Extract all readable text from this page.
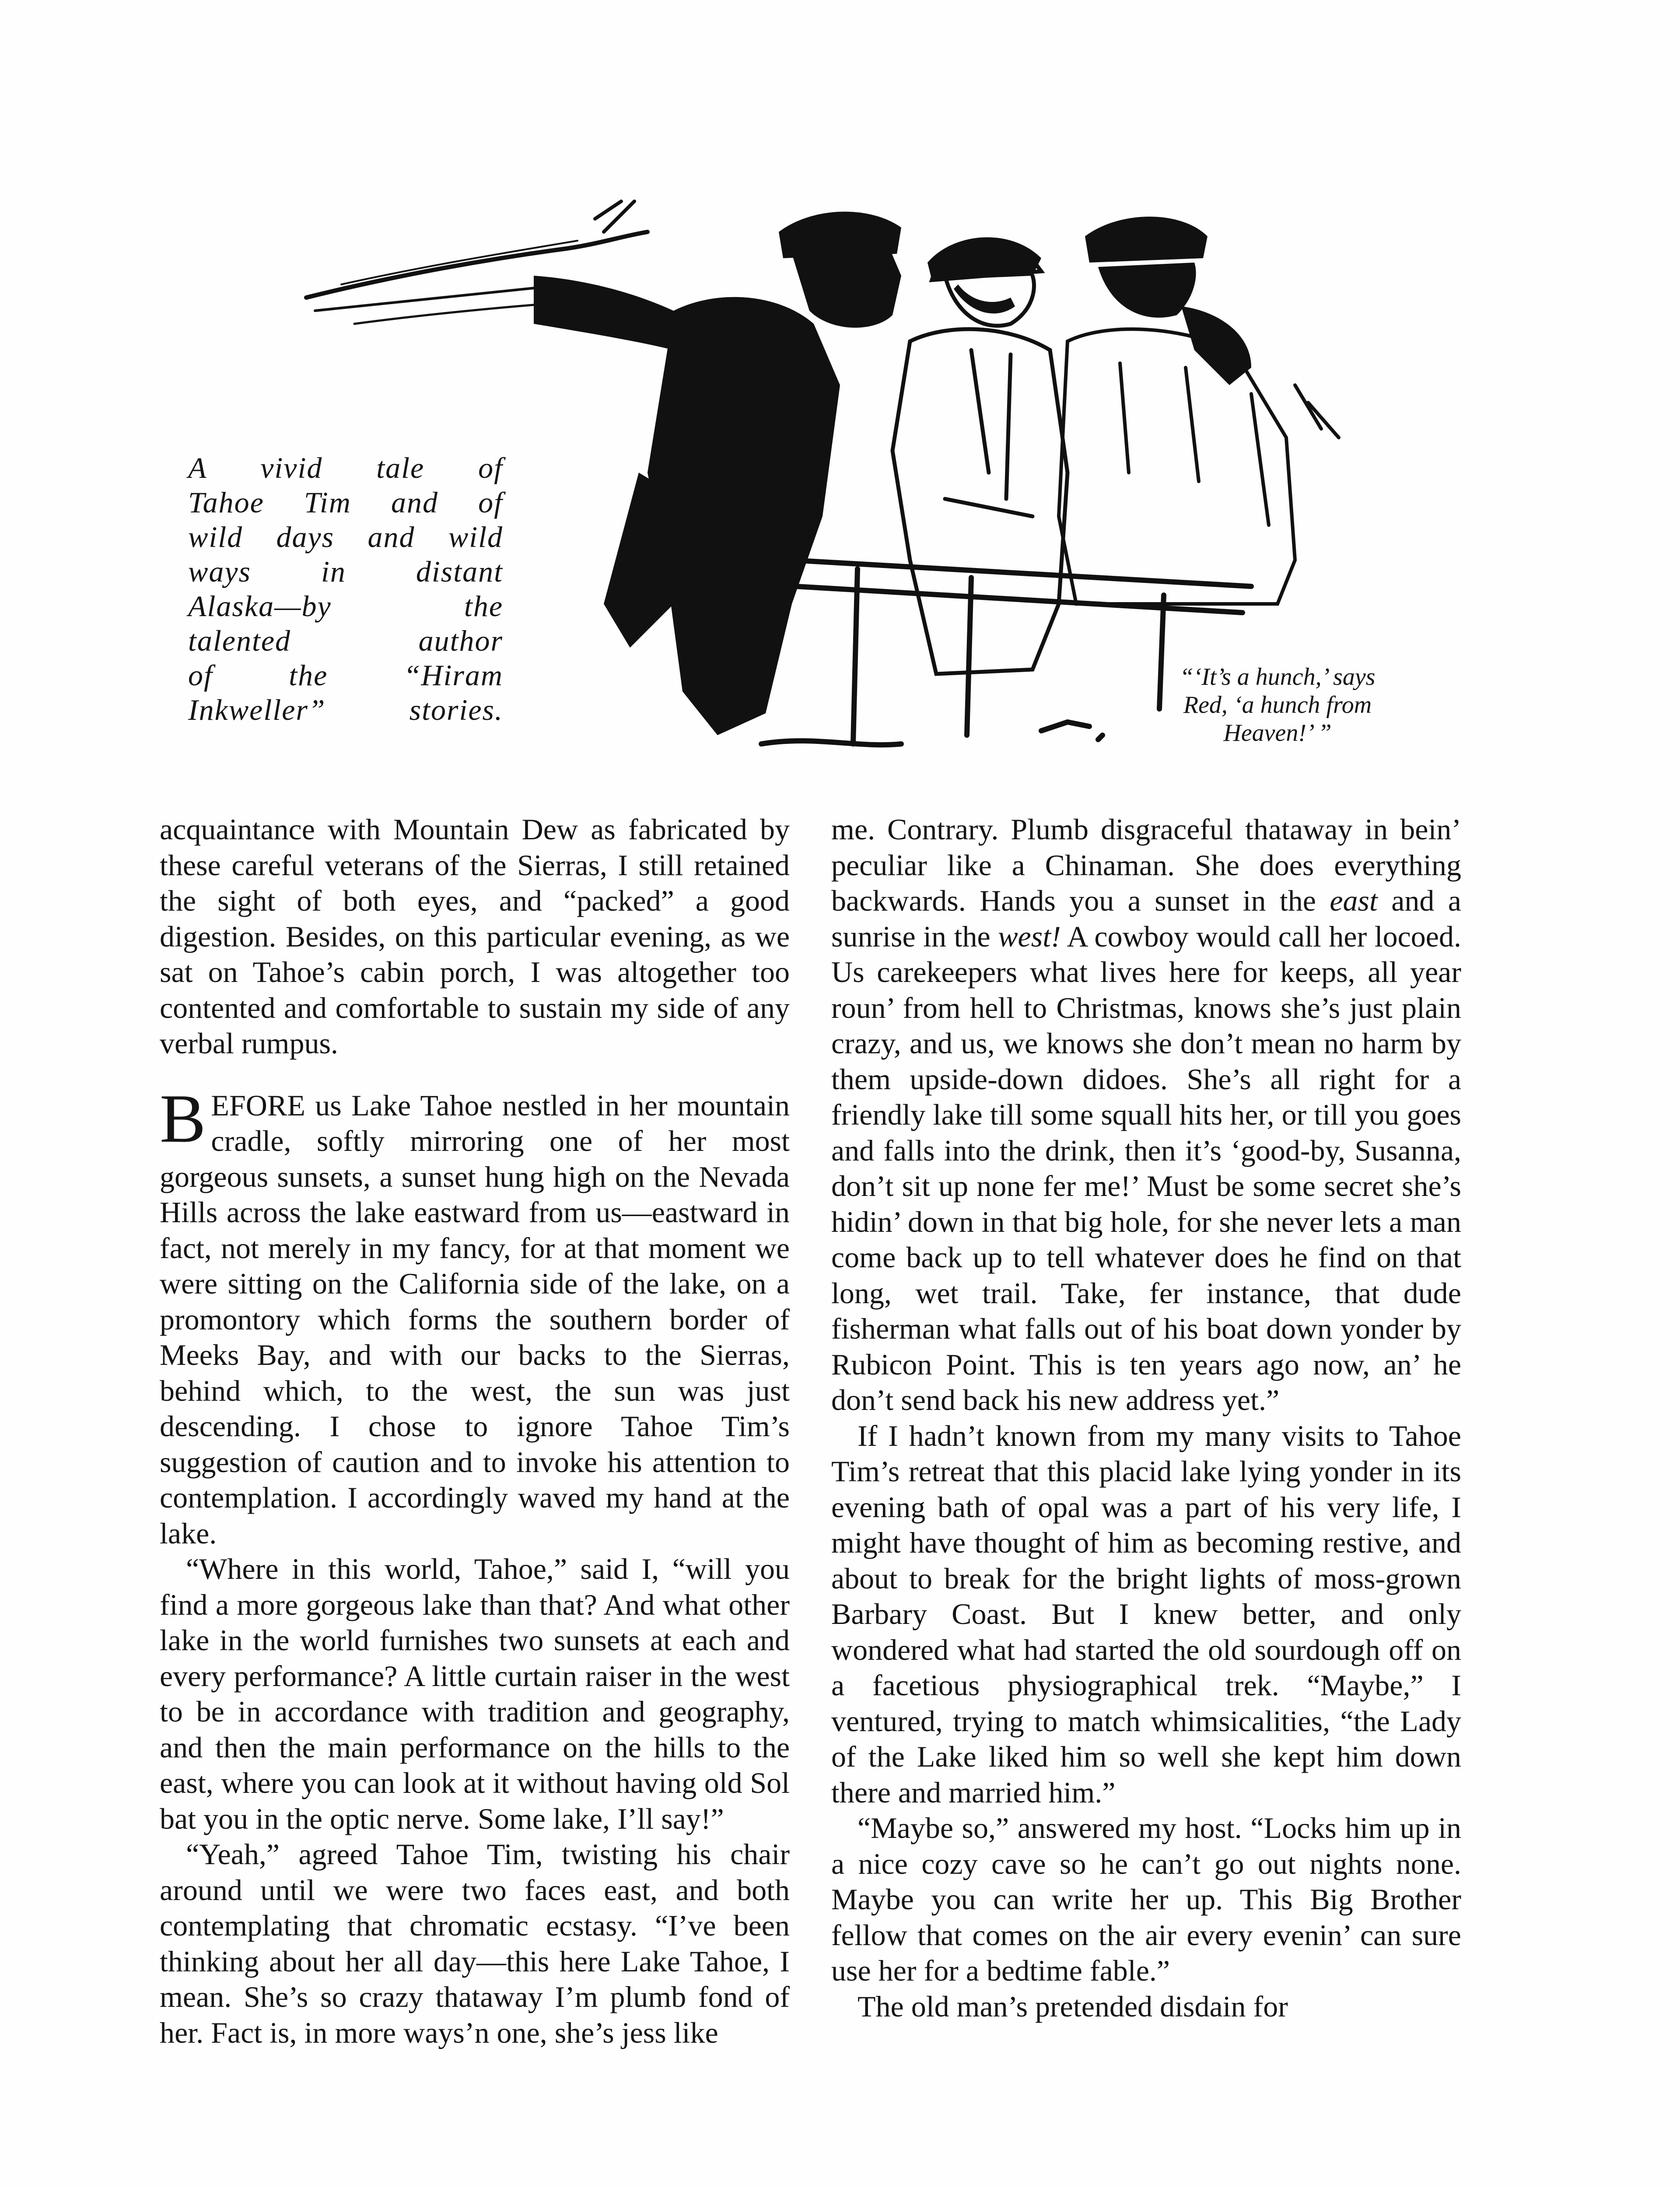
A vivid tale of
Tahoe Tim and of
wild days and wild
ways in distant
Alaska—by the
talented author
of the “Hiram
Inkweller” stories.
“‘It’s a hunch,’ says
Red, ‘a hunch from
Heaven!’ ”

acquaintance with Mountain Dew as fabricated by these careful veterans of the Sierras, I still retained the sight of both eyes, and “packed” a good digestion. Besides, on this particular evening, as we sat on Tahoe’s cabin porch, I was altogether too contented and comfortable to sustain my side of any verbal rumpus.

BEFORE us Lake Tahoe nestled in her mountain cradle, softly mirroring one of her most gorgeous sunsets, a sunset hung high on the Nevada Hills across the lake eastward from us—eastward in fact, not merely in my fancy, for at that moment we were sitting on the California side of the lake, on a promontory which forms the southern border of Meeks Bay, and with our backs to the Sierras, behind which, to the west, the sun was just descending. I chose to ignore Tahoe Tim’s suggestion of caution and to invoke his attention to contemplation. I accordingly waved my hand at the lake.

“Where in this world, Tahoe,” said I, “will you find a more gorgeous lake than that? And what other lake in the world furnishes two sunsets at each and every performance? A little curtain raiser in the west to be in accordance with tradition and geography, and then the main performance on the hills to the east, where you can look at it without having old Sol bat you in the optic nerve. Some lake, I’ll say!”

“Yeah,” agreed Tahoe Tim, twisting his chair around until we were two faces east, and both contemplating that chromatic ecstasy. “I’ve been thinking about her all day—this here Lake Tahoe, I mean. She’s so crazy thataway I’m plumb fond of her. Fact is, in more ways’n one, she’s jess like

me. Contrary. Plumb disgraceful thataway in bein’ peculiar like a Chinaman. She does everything backwards. Hands you a sunset in the east and a sunrise in the west! A cowboy would call her locoed. Us carekeepers what lives here for keeps, all year roun’ from hell to Christmas, knows she’s just plain crazy, and us, we knows she don’t mean no harm by them upside-down didoes. She’s all right for a friendly lake till some squall hits her, or till you goes and falls into the drink, then it’s ‘good-by, Susanna, don’t sit up none fer me!’ Must be some secret she’s hidin’ down in that big hole, for she never lets a man come back up to tell whatever does he find on that long, wet trail. Take, fer instance, that dude fisherman what falls out of his boat down yonder by Rubicon Point. This is ten years ago now, an’ he don’t send back his new address yet.”

If I hadn’t known from my many visits to Tahoe Tim’s retreat that this placid lake lying yonder in its evening bath of opal was a part of his very life, I might have thought of him as becoming restive, and about to break for the bright lights of moss-grown Barbary Coast. But I knew better, and only wondered what had started the old sourdough off on a facetious physiographical trek. “Maybe,” I ventured, trying to match whimsicalities, “the Lady of the Lake liked him so well she kept him down there and married him.”

“Maybe so,” answered my host. “Locks him up in a nice cozy cave so he can’t go out nights none. Maybe you can write her up. This Big Brother fellow that comes on the air every evenin’ can sure use her for a bedtime fable.”

The old man’s pretended disdain for
